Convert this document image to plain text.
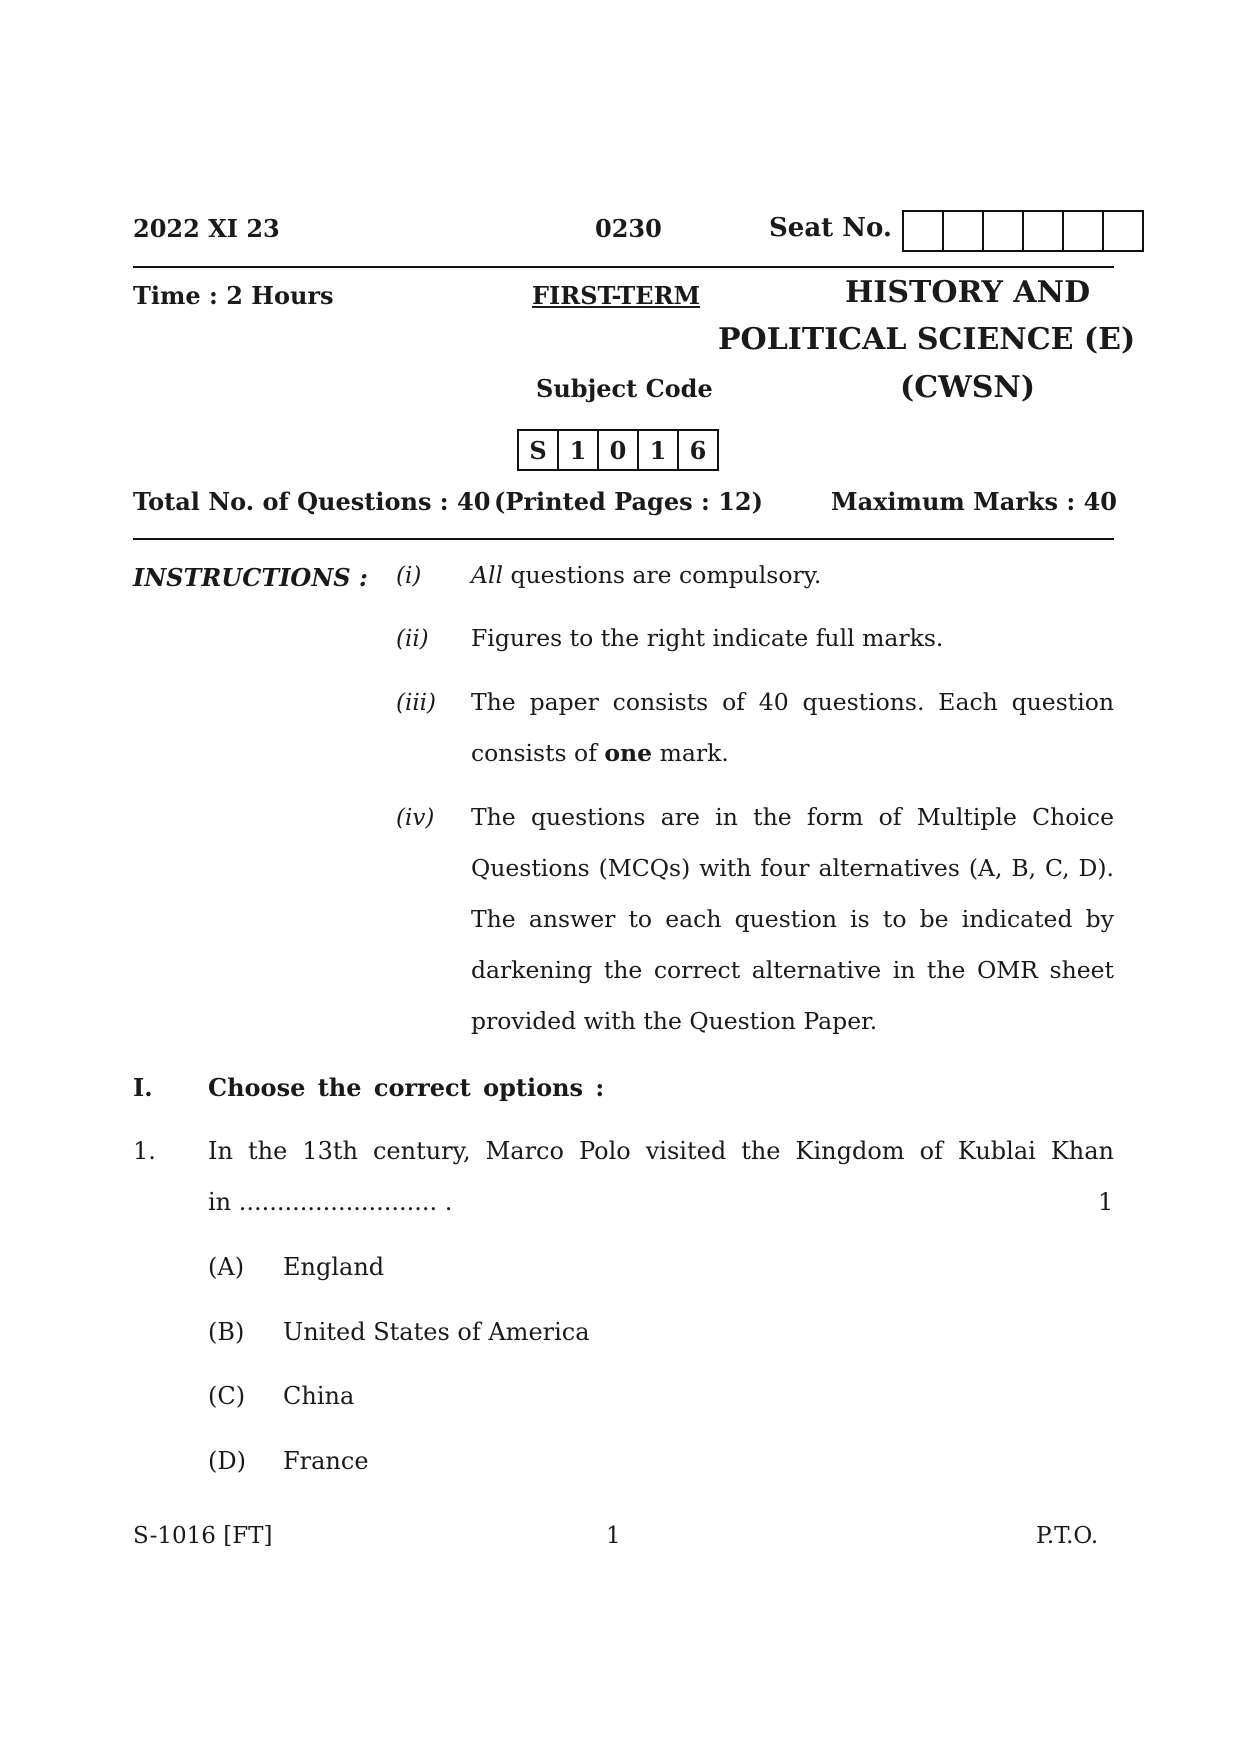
2022 XI 23	0230	Seat No.
Time : 2 Hours	FIRST-TERM	HISTORY AND
POLITICAL SCIENCE (E)
Subject Code	(CWSN)
S 1 0 1 6
Total No. of Questions : 40 (Printed Pages : 12)	Maximum Marks : 40
INSTRUCTIONS : (i) All questions are compulsory.
(ii) Figures to the right indicate full marks.
(iii) The paper consists of 40 questions. Each question
consists of one mark.
(iv) The questions are in the form of Multiple Choice
Questions (MCQs) with four alternatives (A, B, C, D).
The answer to each question is to be indicated by
darkening the correct alternative in the OMR sheet
provided with the Question Paper.
I. Choose the correct options :
1. In the 13th century, Marco Polo visited the Kingdom of Kublai Khan
in .......................... .	1
(A) England
(B) United States of America
(C) China
(D) France
S-1016 [FT]	1	P.T.O.
